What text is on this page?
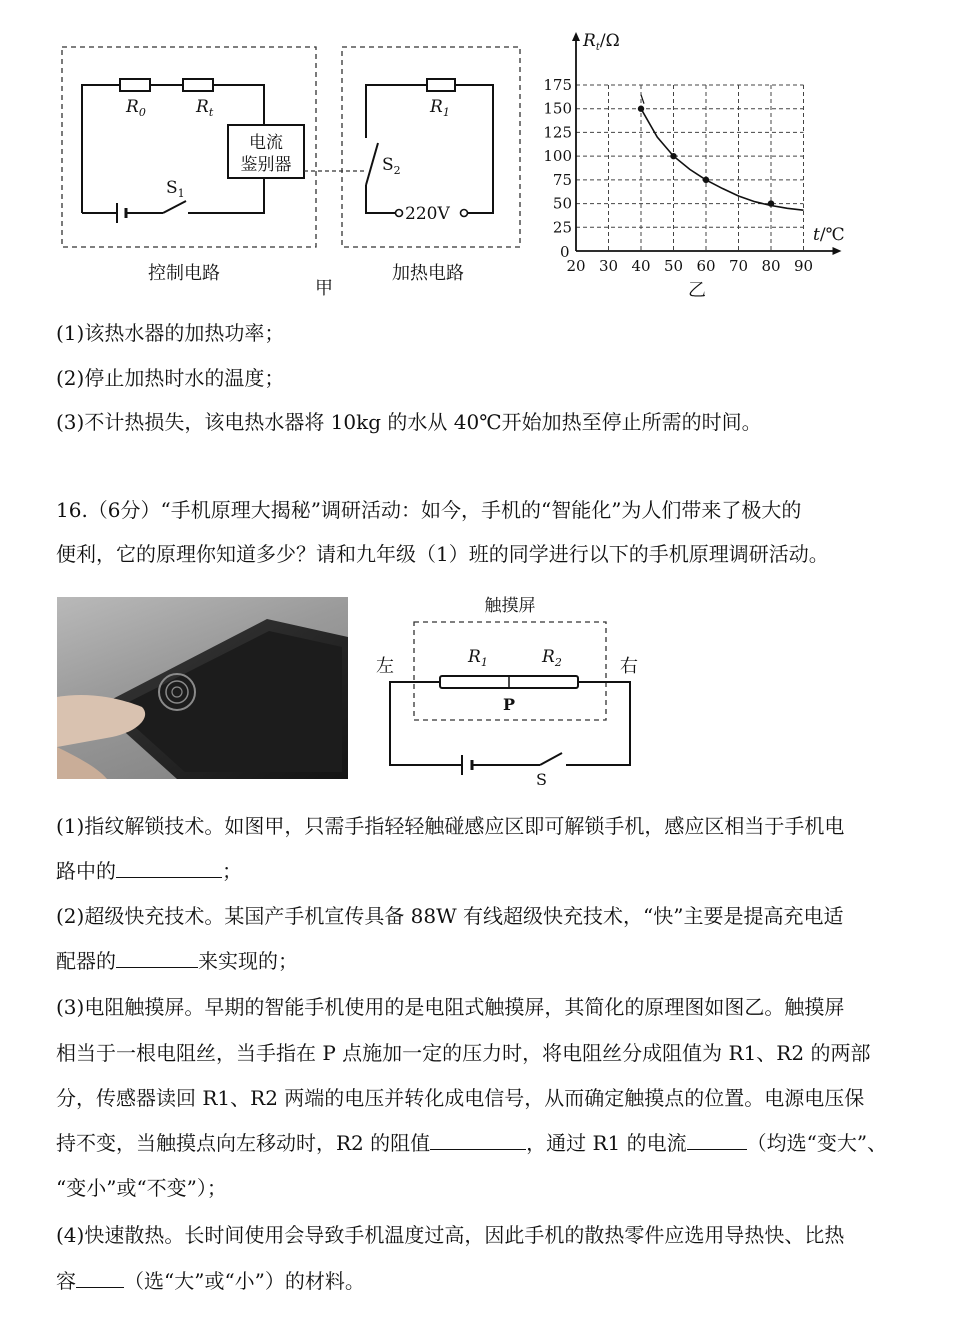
$R_0$	$R_t$
电流
鉴别器
$S_1$
$R_1$
$S_2$
220V
控制电路	加热电路
甲
25
50
75
100
125
150
175
20 30 40 50 60 70 80 90
$R_t/\Omega$
t/℃
0
乙
(1)该热水器的加热功率；
(2)停止加热时水的温度；
(3)不计热损失，该电热水器将 10kg 的水从 40℃开始加热至停止所需的时间。
16.（6分）“手机原理大揭秘”调研活动：如今，手机的“智能化”为人们带来了极大的
便利，它的原理你知道多少？请和九年级（1）班的同学进行以下的手机原理调研活动。
触摸屏
$R_1$	$R_2$
P
左	右
S
(1)指纹解锁技术。如图甲，只需手指轻轻触碰感应区即可解锁手机，感应区相当于手机电
路中的	；
(2)超级快充技术。某国产手机宣传具备 88W 有线超级快充技术，“快”主要是提高充电适
配器的	来实现的；
(3)电阻触摸屏。早期的智能手机使用的是电阻式触摸屏，其简化的原理图如图乙。触摸屏
相当于一根电阻丝，当手指在 P 点施加一定的压力时，将电阻丝分成阻值为 R1、R2 的两部
分，传感器读回 R1、R2 两端的电压并转化成电信号，从而确定触摸点的位置。电源电压保
持不变，当触摸点向左移动时，R2 的阻值	，通过 R1 的电流	（均选“变大”、
“变小”或“不变”）；
(4)快速散热。长时间使用会导致手机温度过高，因此手机的散热零件应选用导热快、比热
容 （选“大”或“小”）的材料。
